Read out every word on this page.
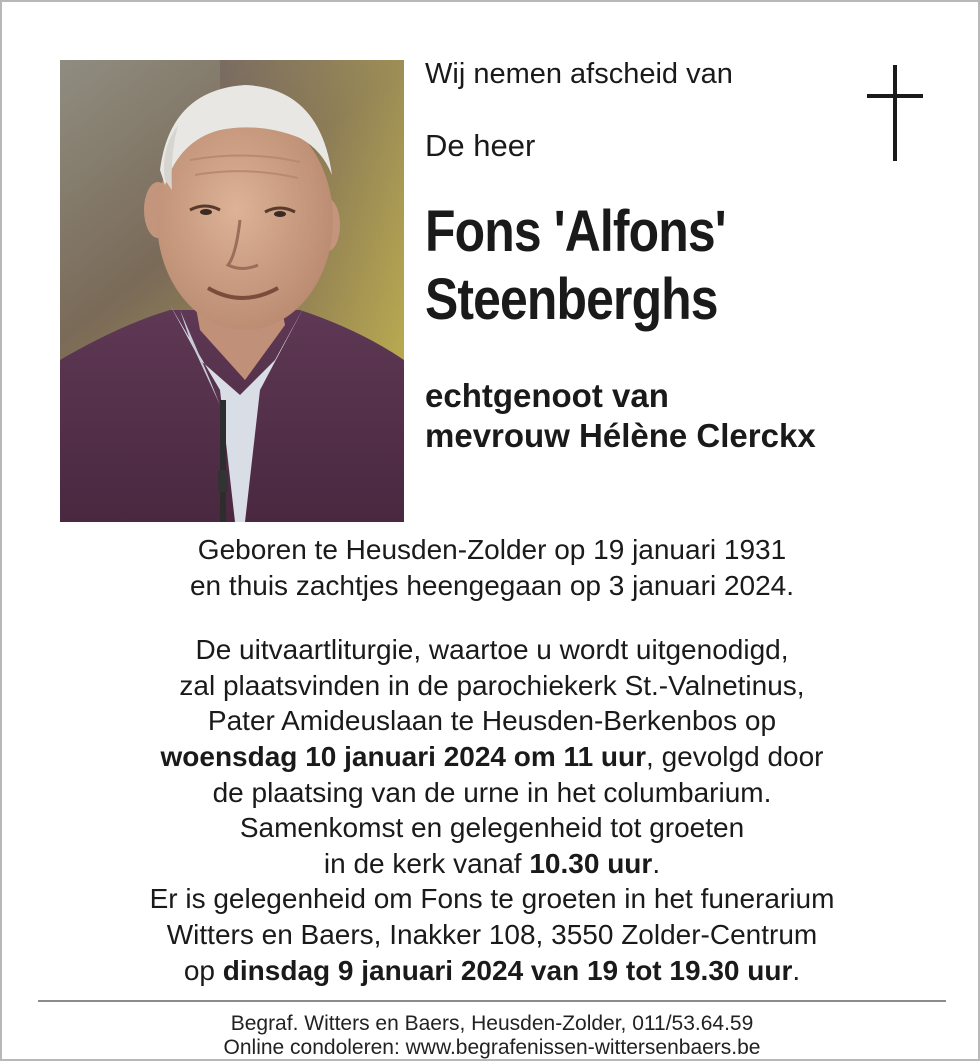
Wij nemen afscheid van

De heer

Fons 'Alfons'
Steenberghs

echtgenoot van
mevrouw Hélène Clerckx

Geboren te Heusden-Zolder op 19 januari 1931

en thuis zachtjes heengegaan op 3 januari 2024.

De uitvaartliturgie, waartoe u wordt uitgenodigd,

zal plaatsvinden in de parochiekerk St.-Valnetinus,

Pater Amideuslaan te Heusden-Berkenbos op

woensdag 10 januari 2024 om 11 uur, gevolgd door

de plaatsing van de urne in het columbarium.

Samenkomst en gelegenheid tot groeten

in de kerk vanaf 10.30 uur.

Er is gelegenheid om Fons te groeten in het funerarium

Witters en Baers, Inakker 108, 3550 Zolder-Centrum

op dinsdag 9 januari 2024 van 19 tot 19.30 uur.

Begraf. Witters en Baers, Heusden-Zolder, 011/53.64.59

Online condoleren: www.begrafenissen-wittersenbaers.be
